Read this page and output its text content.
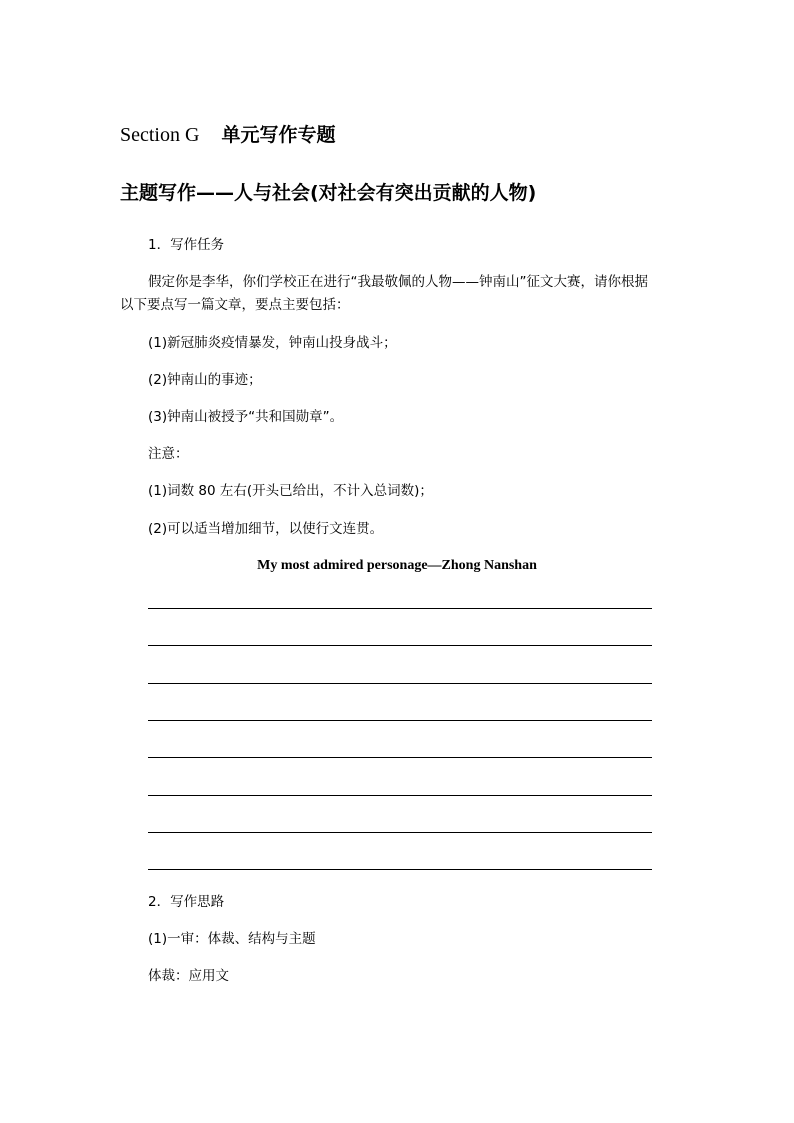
Section G 单元写作专题
主题写作——人与社会(对社会有突出贡献的人物)
1．写作任务
假定你是李华，你们学校正在进行“我最敬佩的人物——钟南山”征文大赛，请你根据
以下要点写一篇文章，要点主要包括：
(1)新冠肺炎疫情暴发，钟南山投身战斗；
(2)钟南山的事迹；
(3)钟南山被授予“共和国勋章”。
注意：
(1)词数 80 左右(开头已给出，不计入总词数)；
(2)可以适当增加细节，以使行文连贯。
My most admired personage—Zhong Nanshan
2．写作思路
(1)一审：体裁、结构与主题
体裁：应用文
